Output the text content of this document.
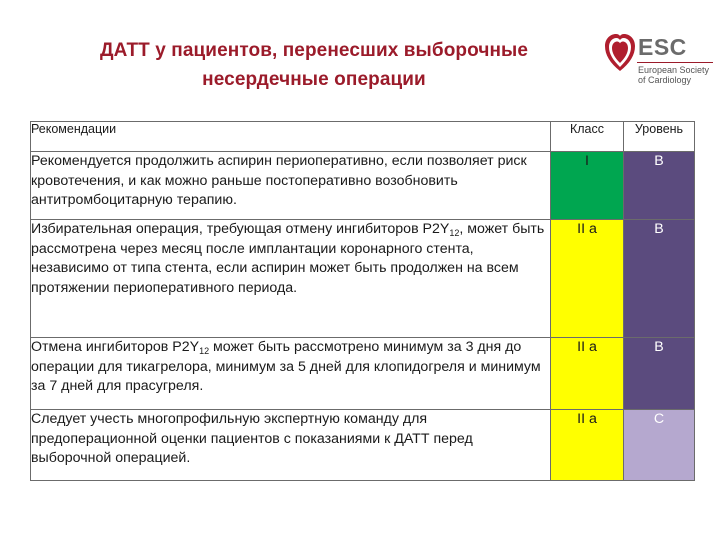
ДАТТ у пациентов, перенесших выборочные
несердечные операции
ESC
European Society
of Cardiology
Рекомендации	Класс	Уровень
Рекомендуется продолжить аспирин периоперативно, если позволяет риск кровотечения, и как можно раньше постоперативно возобновить антитромбоцитарную терапию.	I	B
Избирательная операция, требующая отмену ингибиторов $P2Y_{12}$, может быть рассмотрена через месяц после имплантации коронарного стента, независимо от типа стента, если аспирин может быть продолжен на всем протяжении периоперативного периода.	II a	B
Отмена ингибиторов $P2Y_{12}$ может быть рассмотрено минимум за 3 дня до операции для тикагрелора, минимум за 5 дней для клопидогреля и минимум за 7 дней для прасугреля.	II a	B
Следует учесть многопрофильную экспертную команду для предоперационной оценки пациентов с показаниями к ДАТТ перед выборочной операцией.	II a	C
